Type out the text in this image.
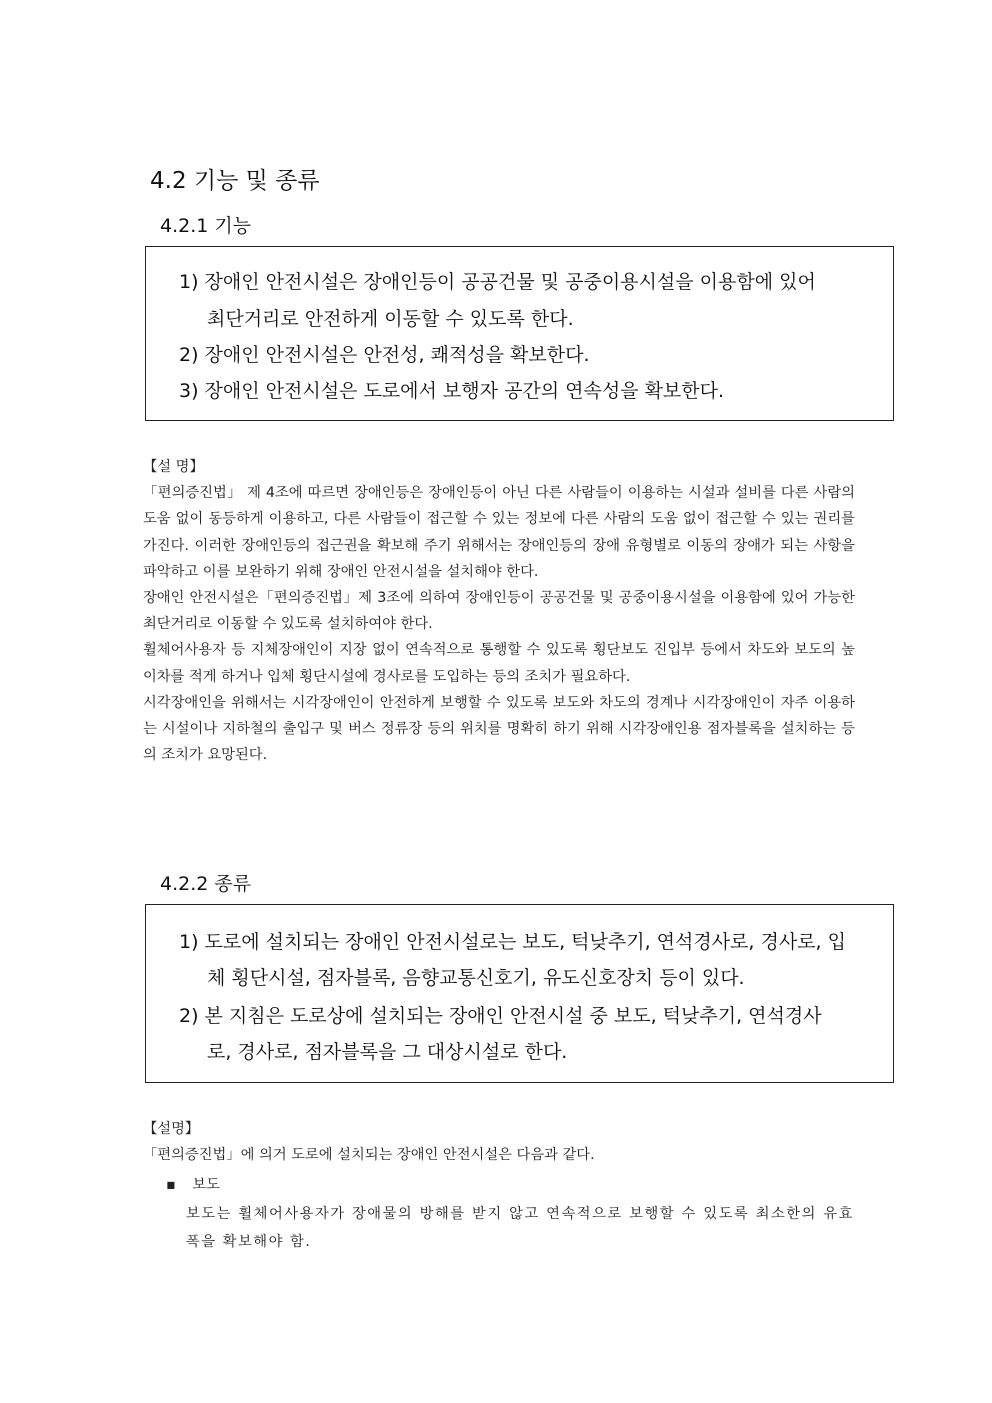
4.2 기능 및 종류
4.2.1 기능
1) 장애인 안전시설은 장애인등이 공공건물 및 공중이용시설을 이용함에 있어
최단거리로 안전하게 이동할 수 있도록 한다.
2) 장애인 안전시설은 안전성, 쾌적성을 확보한다.
3) 장애인 안전시설은 도로에서 보행자 공간의 연속성을 확보한다.

【설 명】

「편의증진법」 제 4조에 따르면 장애인등은 장애인등이 아닌 다른 사람들이 이용하는 시설과 설비를 다른 사람의 도움 없이 동등하게 이용하고, 다른 사람들이 접근할 수 있는 정보에 다른 사람의 도움 없이 접근할 수 있는 권리를 가진다. 이러한 장애인등의 접근권을 확보해 주기 위해서는 장애인등의 장애 유형별로 이동의 장애가 되는 사항을 파악하고 이를 보완하기 위해 장애인 안전시설을 설치해야 한다.

장애인 안전시설은「편의증진법」제 3조에 의하여 장애인등이 공공건물 및 공중이용시설을 이용함에 있어 가능한 최단거리로 이동할 수 있도록 설치하여야 한다.

휠체어사용자 등 지체장애인이 지장 없이 연속적으로 통행할 수 있도록 횡단보도 진입부 등에서 차도와 보도의 높이차를 적게 하거나 입체 횡단시설에 경사로를 도입하는 등의 조치가 필요하다.

시각장애인을 위해서는 시각장애인이 안전하게 보행할 수 있도록 보도와 차도의 경계나 시각장애인이 자주 이용하는 시설이나 지하철의 출입구 및 버스 정류장 등의 위치를 명확히 하기 위해 시각장애인용 점자블록을 설치하는 등의 조치가 요망된다.

4.2.2 종류
1) 도로에 설치되는 장애인 안전시설로는 보도, 턱낮추기, 연석경사로, 경사로, 입
체 횡단시설, 점자블록, 음향교통신호기, 유도신호장치 등이 있다.
2) 본 지침은 도로상에 설치되는 장애인 안전시설 중 보도, 턱낮추기, 연석경사
로, 경사로, 점자블록을 그 대상시설로 한다.

【설명】

「편의증진법」에 의거 도로에 설치되는 장애인 안전시설은 다음과 같다.

▪ 보도
보도는 휠체어사용자가 장애물의 방해를 받지 않고 연속적으로 보행할 수 있도록 최소한의 유효폭을 확보해야 함.
